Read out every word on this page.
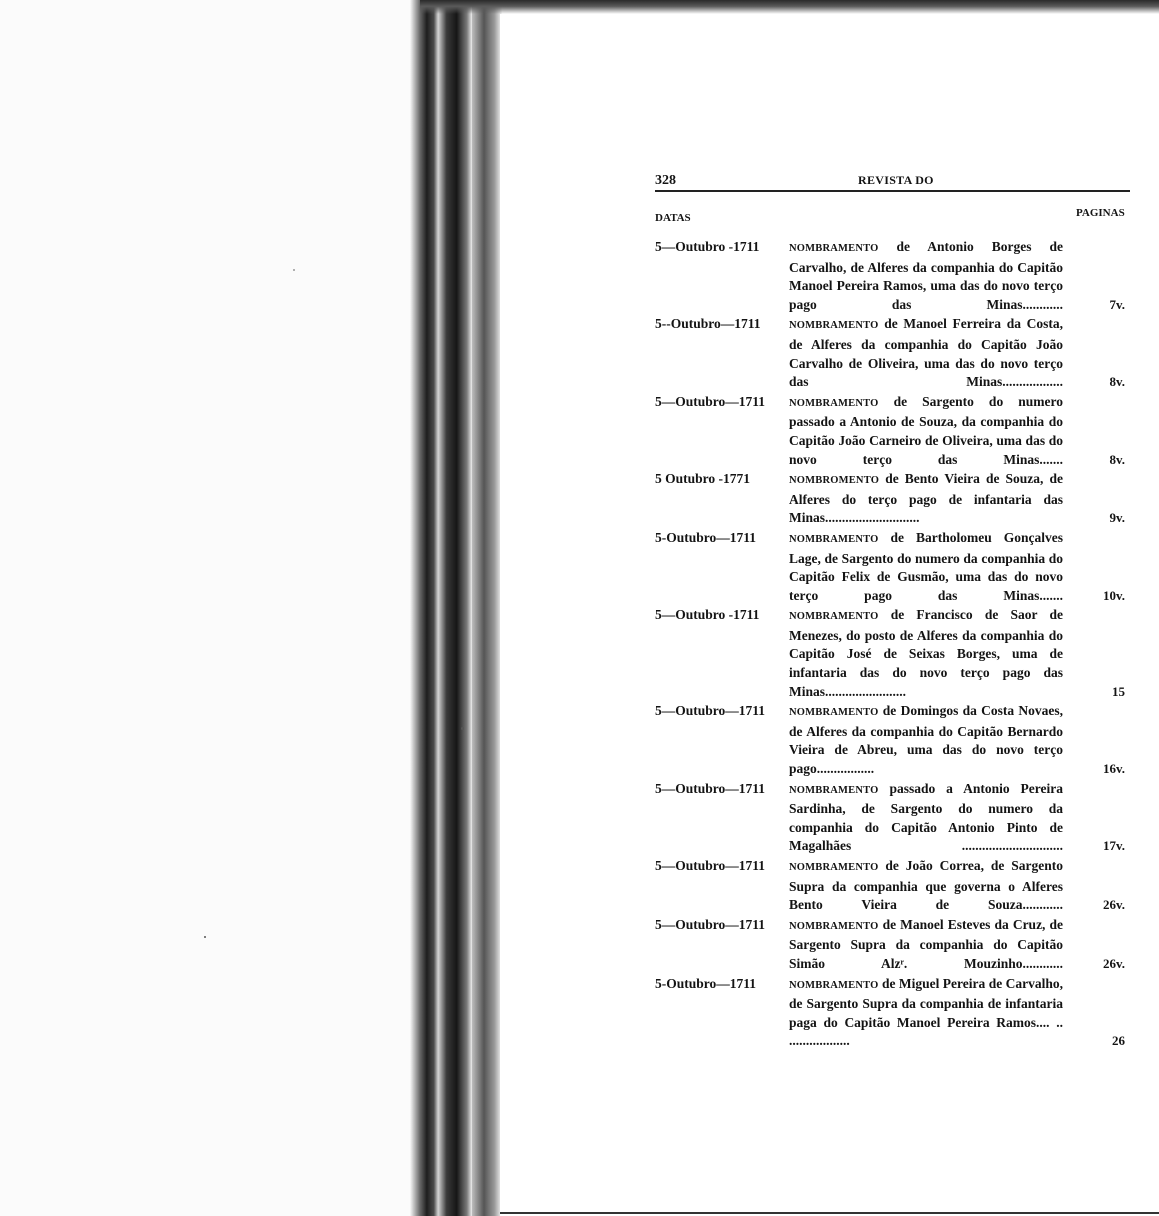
328	REVISTA DO
DATAS	PAGINAS
5—Outubro -1711	NOMBRAMENTO de Antonio Borges de Carvalho, de Alferes da companhia do Capitão Manoel Pereira Ramos, uma das do novo terço pago das Minas............	7v.
5--Outubro—1711	NOMBRAMENTO de Manoel Ferreira da Costa, de Alferes da companhia do Capitão João Carvalho de Oliveira, uma das do novo terço das Minas..................	8v.
5—Outubro—1711	NOMBRAMENTO de Sargento do numero passado a Antonio de Souza, da companhia do Capitão João Carneiro de Oliveira, uma das do novo terço das Minas.......	8v.
5 Outubro -1771	NOMBROMENTO de Bento Vieira de Souza, de Alferes do terço pago de infantaria das Minas............................	9v.
5-Outubro—1711	NOMBRAMENTO de Bartholomeu Gonçalves Lage, de Sargento do numero da companhia do Capitão Felix de Gusmão, uma das do novo terço pago das Minas.......	10v.
5—Outubro -1711	NOMBRAMENTO de Francisco de Saor de Menezes, do posto de Alferes da companhia do Capitão José de Seixas Borges, uma de infantaria das do novo terço pago das Minas........................	15
5—Outubro—1711	NOMBRAMENTO de Domingos da Costa Novaes, de Alferes da companhia do Capitão Bernardo Vieira de Abreu, uma das do novo terço pago.................	16v.
5—Outubro—1711	NOMBRAMENTO passado a Antonio Pereira Sardinha, de Sargento do numero da companhia do Capitão Antonio Pinto de Magalhães ..............................	17v.
5—Outubro—1711	NOMBRAMENTO de João Correa, de Sargento Supra da companhia que governa o Alferes Bento Vieira de Souza............	26v.
5—Outubro—1711	NOMBRAMENTO de Manoel Esteves da Cruz, de Sargento Supra da companhia do Capitão Simão Alzʳ. Mouzinho............	26v.
5-Outubro—1711	NOMBRAMENTO de Miguel Pereira de Carvalho, de Sargento Supra da companhia de infantaria paga do Capitão Manoel Pereira Ramos.... .. ..................	26
